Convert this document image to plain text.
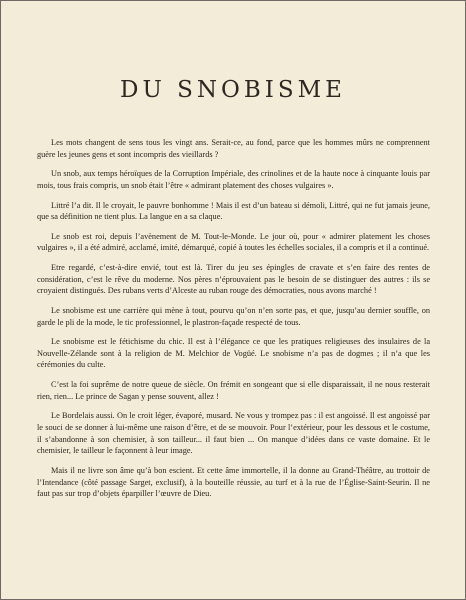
DU SNOBISME

Les mots changent de sens tous les vingt ans. Serait-ce, au fond, parce que les hommes mûrs ne comprennent guère les jeunes gens et sont incompris des vieillards ?

Un snob, aux temps héroïques de la Corruption Impériale, des crinolines et de la haute noce à cinquante louis par mois, tous frais compris, un snob était l’être « admirant platement des choses vulgaires ».

Littré l’a dit. Il le croyait, le pauvre bonhomme ! Mais il est d’un bateau si démoli, Littré, qui ne fut jamais jeune, que sa définition ne tient plus. La langue en a sa claque.

Le snob est roi, depuis l’avènement de M. Tout-le-Monde. Le jour où, pour « admirer platement les choses vulgaires », il a été admiré, acclamé, imité, démarqué, copié à toutes les échelles sociales, il a compris et il a continué.

Etre regardé, c’est-à-dire envié, tout est là. Tirer du jeu ses épingles de cravate et s’en faire des rentes de considération, c’est le rêve du moderne. Nos pères n’éprouvaient pas le besoin de se distinguer des autres : ils se croyaient distingués. Des rubans verts d’Alceste au ruban rouge des démocraties, nous avons marché !

Le snobisme est une carrière qui mène à tout, pourvu qu’on n’en sorte pas, et que, jusqu’au dernier souffle, on garde le pli de la mode, le tic professionnel, le plastron-façade respecté de tous.

Le snobisme est le fétichisme du chic. Il est à l’élégance ce que les pratiques religieuses des insulaires de la Nouvelle-Zélande sont à la religion de M. Melchior de Vogüé. Le snobisme n’a pas de dogmes ; il n’a que les cérémonies du culte.

C’est la foi suprême de notre queue de siècle. On frémit en songeant que si elle disparaissait, il ne nous resterait rien, rien... Le prince de Sagan y pense souvent, allez !

Le Bordelais aussi. On le croit léger, évaporé, musard. Ne vous y trompez pas : il est angoissé. Il est angoissé par le souci de se donner à lui-même une raison d’être, et de se mouvoir. Pour l’extérieur, pour les dessous et le costume, il s’abandonne à son chemisier, à son tailleur... il faut bien ... On manque d’idées dans ce vaste domaine. Et le chemisier, le tailleur le façonnent à leur image.

Mais il ne livre son âme qu’à bon escient. Et cette âme immortelle, il la donne au Grand-Théâtre, au trottoir de l’Intendance (côté passage Sarget, exclusif), à la bouteille réussie, au turf et à la rue de l’Église-Saint-Seurin. Il ne faut pas sur trop d’objets éparpiller l’œuvre de Dieu.
